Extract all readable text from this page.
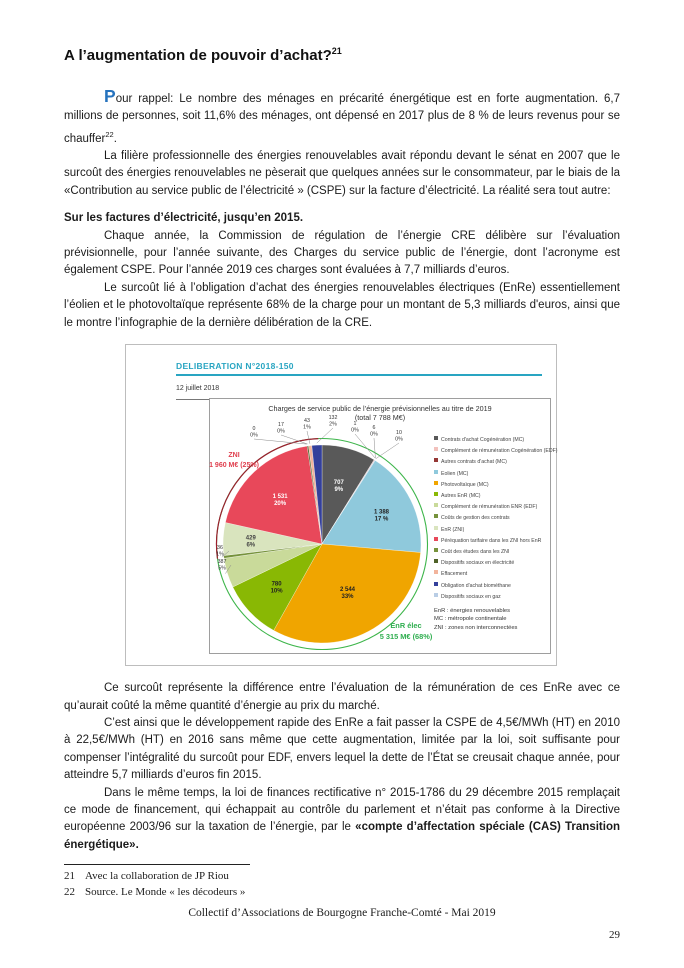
A l’augmentation de pouvoir d’achat?$^{21}$

Pour rappel: Le nombre des ménages en précarité énergétique est en forte augmentation. 6,7 millions de personnes, soit 11,6% des ménages, ont dépensé en 2017 plus de 8 % de leurs revenus pour se chauffer$^{22}$.

La filière professionnelle des énergies renouvelables avait répondu devant le sénat en 2007 que le surcoût des énergies renouvelables ne pèserait que quelques années sur le consommateur, par le biais de la «Contribution au service public de l’électricité » (CSPE) sur la facture d’électricité. La réalité sera tout autre:

Sur les factures d’électricité, jusqu’en 2015.

Chaque année, la Commission de régulation de l’énergie CRE délibère sur l’évaluation prévisionnelle, pour l’année suivante, des Charges du service public de l’énergie, dont l’acronyme est également CSPE. Pour l’année 2019 ces charges sont évaluées à 7,7 milliards d’euros.

Le surcoût lié à l’obligation d’achat des énergies renouvelables électriques (EnRe) essentiellement l’éolien et le photovoltaïque représente 68% de la charge pour un montant de 5,3 milliards d'euros, ainsi que le montre l’infographie de la dernière délibération de la CRE.

DELIBERATION N°2018-150
12 juillet 2018
Charges de service public de l’énergie prévisionnelles au titre de 2019
(total 7 788 M€)
707 9%
1 0%	6 0%	10 0%
1 388 17 %
2 544 33%
780 10%
387 5%
36 1%
429 6%
1 531 20%
0 0%
17 0%
43 1%
132 2%
Contrats d'achat Cogénération (MC)
Complément de rémunération Cogénération (EDF)
Autres contrats d'achat (MC)
Eolien (MC)
Photovoltaïque (MC)
Autres EnR (MC)
Complément de rémunération ENR (EDF)
Coûts de gestion des contrats
EnR (ZNI)
Péréquation tarifaire dans les ZNI hors EnR
Coût des études dans les ZNI
Dispositifs sociaux en électricité
Effacement
Obligation d'achat biométhane
Dispositifs sociaux en gaz
EnR : énergies renouvelables
MC : métropole continentale
ZNI : zones non interconnectées
ZNI
1 960 M€ (25%)
EnR élec
5 315 M€ (68%)

Ce surcoût représente la différence entre l’évaluation de la rémunération de ces EnRe avec ce qu’aurait coûté la même quantité d’énergie au prix du marché.

C’est ainsi que le développement rapide des EnRe a fait passer la CSPE de 4,5€/MWh (HT) en 2010 à 22,5€/MWh (HT) en 2016 sans même que cette augmentation, limitée par la loi, soit suffisante pour compenser l’intégralité du surcoût pour EDF, envers lequel la dette de l’État se creusait chaque année, pour atteindre 5,7 milliards d’euros fin 2015.

Dans le même temps, la loi de finances rectificative n° 2015-1786 du 29 décembre 2015 remplaçait ce mode de financement, qui échappait au contrôle du parlement et n’était pas conforme à la Directive européenne 2003/96 sur la taxation de l’énergie, par le «compte d’affectation spéciale (CAS) Transition énergétique».

21 Avec la collaboration de JP Riou

22 Source. Le Monde « les décodeurs »

Collectif d’Associations de Bourgogne Franche-Comté - Mai 2019
29
